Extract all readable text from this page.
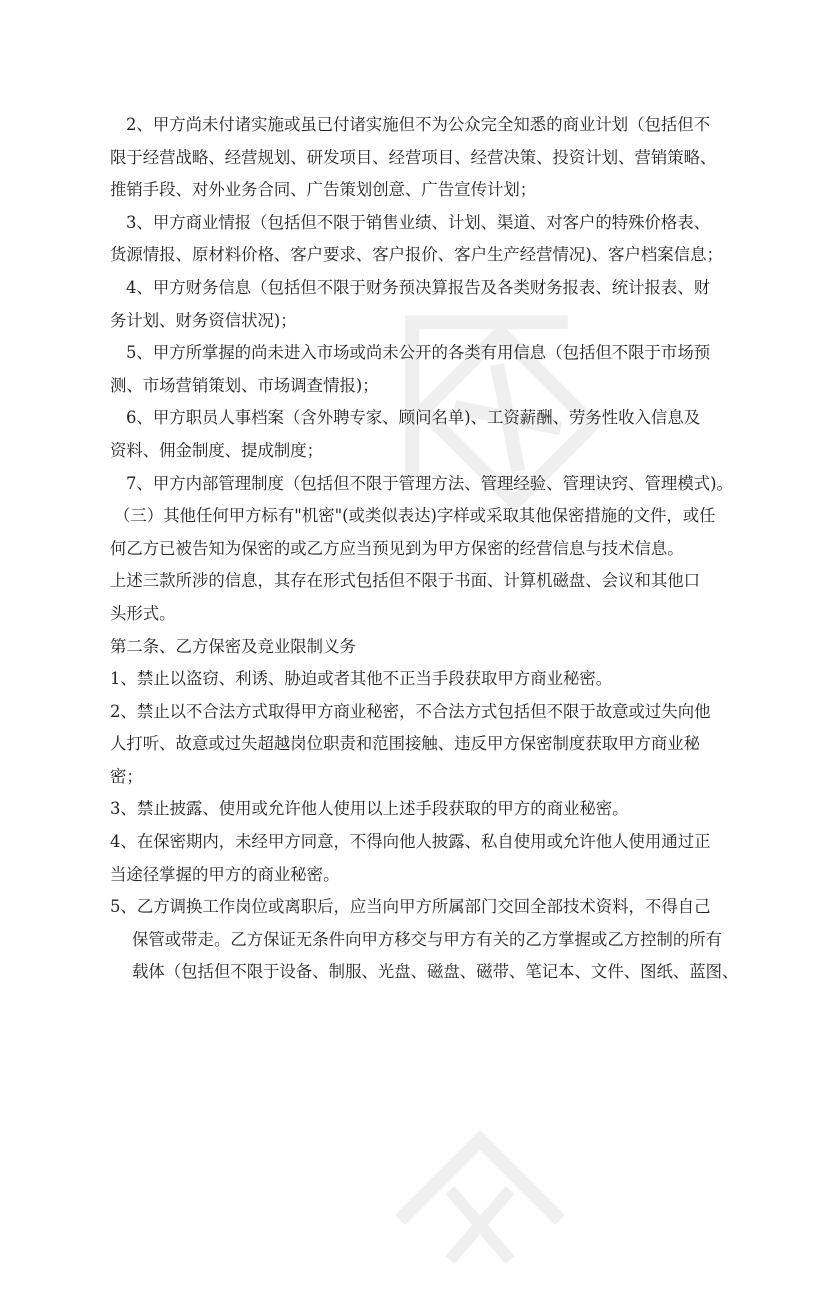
2、甲方尚未付诸实施或虽已付诸实施但不为公众完全知悉的商业计划（包括但不
限于经营战略、经营规划、研发项目、经营项目、经营决策、投资计划、营销策略、
推销手段、对外业务合同、广告策划创意、广告宣传计划；
3、甲方商业情报（包括但不限于销售业绩、计划、渠道、对客户的特殊价格表、
货源情报、原材料价格、客户要求、客户报价、客户生产经营情况)、客户档案信息；
4、甲方财务信息（包括但不限于财务预决算报告及各类财务报表、统计报表、财
务计划、财务资信状况)；
5、甲方所掌握的尚未进入市场或尚未公开的各类有用信息（包括但不限于市场预
测、市场营销策划、市场调查情报)；
6、甲方职员人事档案（含外聘专家、顾问名单)、工资薪酬、劳务性收入信息及
资料、佣金制度、提成制度；
7、甲方内部管理制度（包括但不限于管理方法、管理经验、管理诀窍、管理模式)。
（三）其他任何甲方标有"机密"(或类似表达)字样或采取其他保密措施的文件，或任
何乙方已被告知为保密的或乙方应当预见到为甲方保密的经营信息与技术信息。
上述三款所涉的信息，其存在形式包括但不限于书面、计算机磁盘、会议和其他口
头形式。
第二条、乙方保密及竞业限制义务
1、禁止以盗窃、利诱、胁迫或者其他不正当手段获取甲方商业秘密。
2、禁止以不合法方式取得甲方商业秘密，不合法方式包括但不限于故意或过失向他
人打听、故意或过失超越岗位职责和范围接触、违反甲方保密制度获取甲方商业秘
密；
3、禁止披露、使用或允许他人使用以上述手段获取的甲方的商业秘密。
4、在保密期内，未经甲方同意，不得向他人披露、私自使用或允许他人使用通过正
当途径掌握的甲方的商业秘密。
5、乙方调换工作岗位或离职后，应当向甲方所属部门交回全部技术资料，不得自己
保管或带走。乙方保证无条件向甲方移交与甲方有关的乙方掌握或乙方控制的所有
载体（包括但不限于设备、制服、光盘、磁盘、磁带、笔记本、文件、图纸、蓝图、
